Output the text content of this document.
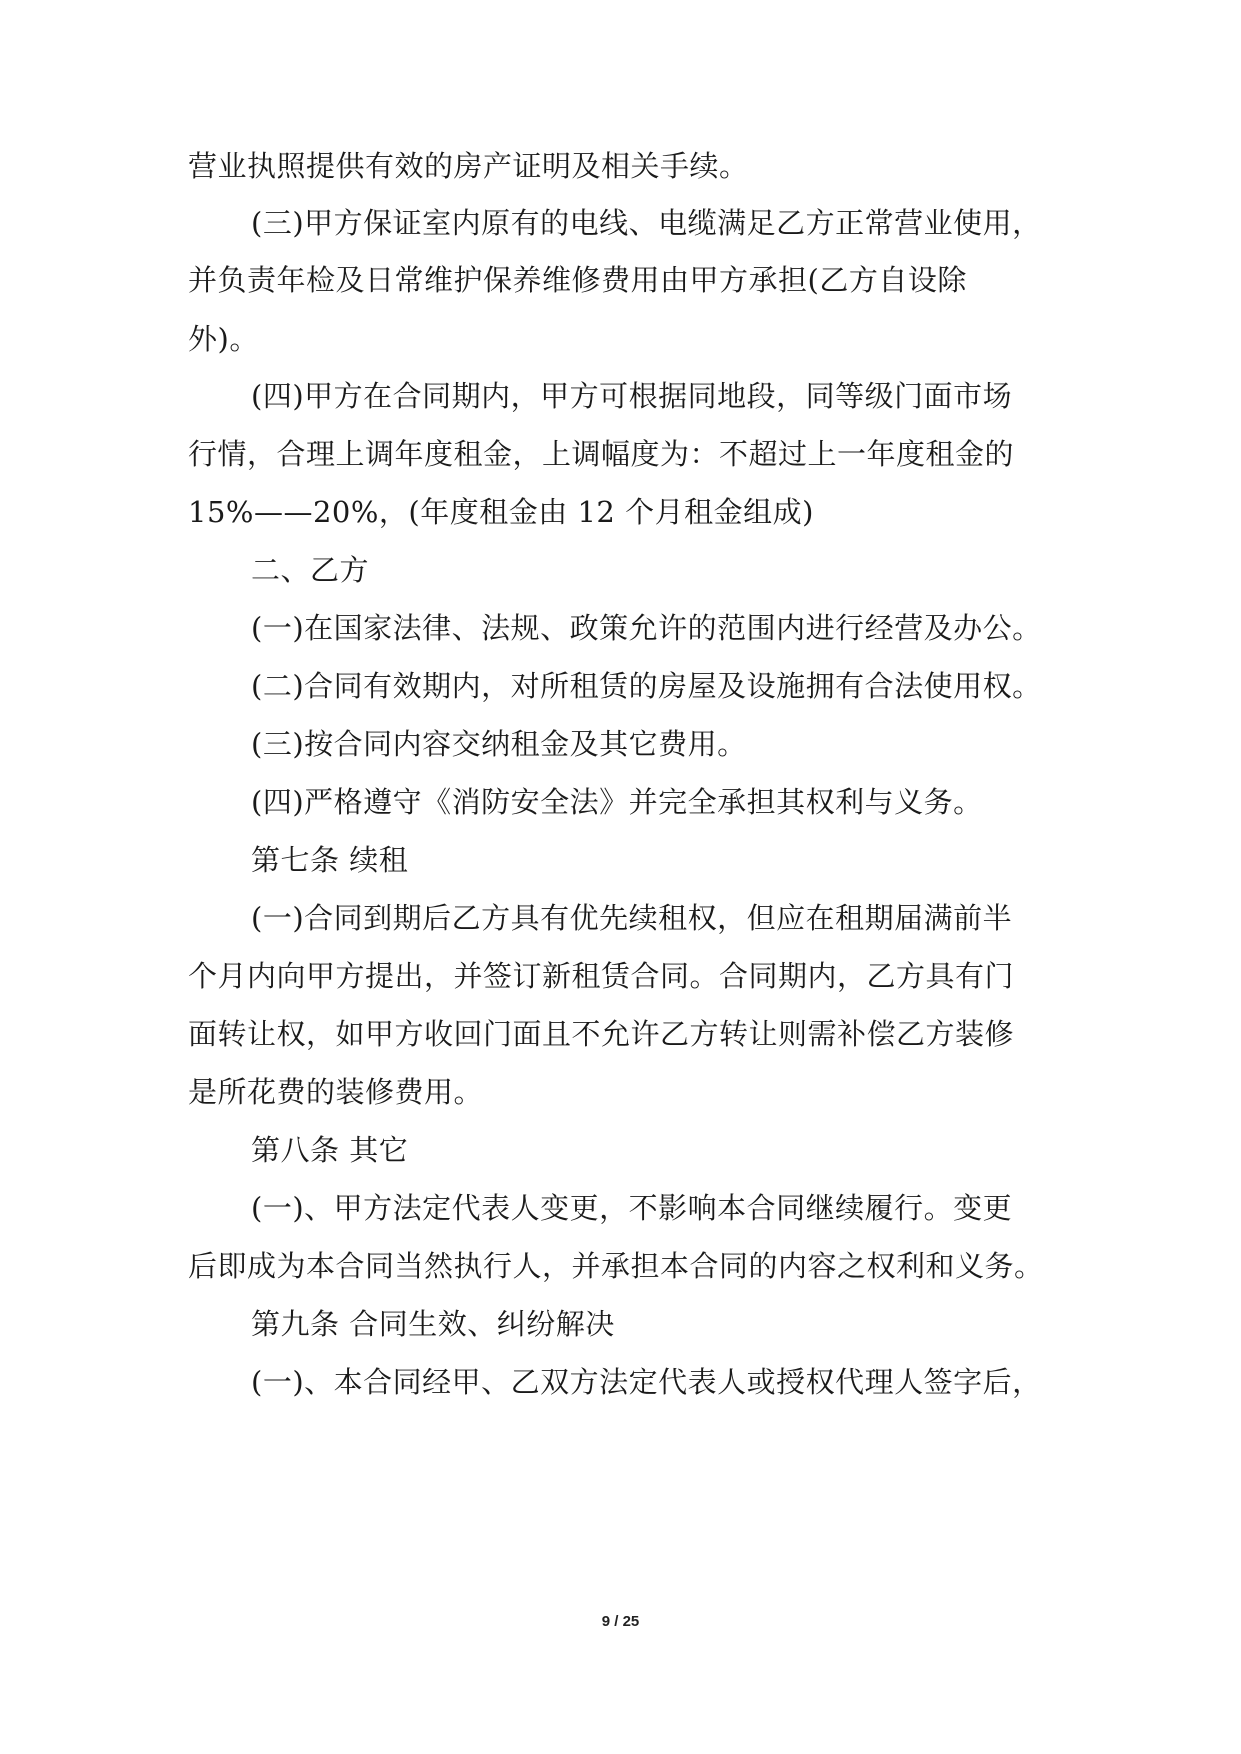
营业执照提供有效的房产证明及相关手续。
(三)甲方保证室内原有的电线、电缆满足乙方正常营业使用，
并负责年检及日常维护保养维修费用由甲方承担(乙方自设除
外)。
(四)甲方在合同期内，甲方可根据同地段，同等级门面市场
行情，合理上调年度租金，上调幅度为：不超过上一年度租金的
15%——20%，(年度租金由 12 个月租金组成)
二、乙方
(一)在国家法律、法规、政策允许的范围内进行经营及办公。
(二)合同有效期内，对所租赁的房屋及设施拥有合法使用权。
(三)按合同内容交纳租金及其它费用。
(四)严格遵守《消防安全法》并完全承担其权利与义务。
第七条 续租
(一)合同到期后乙方具有优先续租权，但应在租期届满前半
个月内向甲方提出，并签订新租赁合同。合同期内，乙方具有门
面转让权，如甲方收回门面且不允许乙方转让则需补偿乙方装修
是所花费的装修费用。
第八条 其它
(一)、甲方法定代表人变更，不影响本合同继续履行。变更
后即成为本合同当然执行人，并承担本合同的内容之权利和义务。
第九条 合同生效、纠纷解决
(一)、本合同经甲、乙双方法定代表人或授权代理人签字后，
9 / 25
